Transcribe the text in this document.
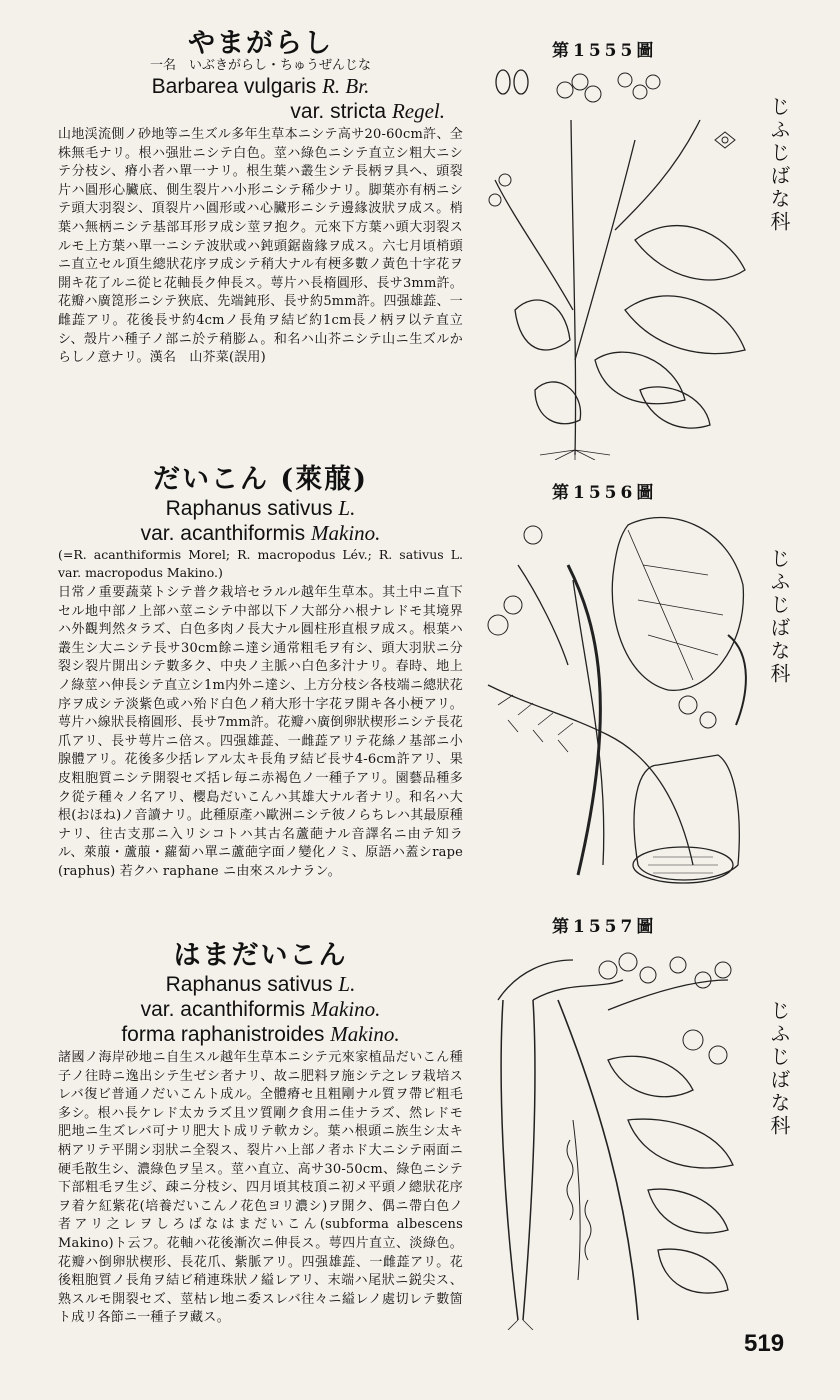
やまがらし
一名　いぶきがらし・ちゅうぜんじな
Barbarea vulgaris R. Br.
var. stricta Regel.
山地渓流側ノ砂地等ニ生ズル多年生草本ニシテ高サ20-60cm許、全株無毛ナリ。根ハ强壯ニシテ白色。莖ハ綠色ニシテ直立シ粗大ニシテ分枝シ、瘠小者ハ單一ナリ。根生葉ハ叢生シテ長柄ヲ具ヘ、頭裂片ハ圓形心臟底、側生裂片ハ小形ニシテ稀少ナリ。脚葉亦有柄ニシテ頭大羽裂シ、頂裂片ハ圓形或ハ心臟形ニシテ邊緣波狀ヲ成ス。梢葉ハ無柄ニシテ基部耳形ヲ成シ莖ヲ抱ク。元來下方葉ハ頭大羽裂スルモ上方葉ハ單一ニシテ波狀或ハ鈍頭鋸齒緣ヲ成ス。六七月頃梢頭ニ直立セル頂生總狀花序ヲ成シテ稍大ナル有梗多數ノ黃色十字花ヲ開キ花了ルニ從ヒ花軸長ク伸長ス。萼片ハ長楕圓形、長サ3mm許。花瓣ハ廣箆形ニシテ狹底、先端鈍形、長サ約5mm許。四强雄蕋、一雌蕋アリ。花後長サ約4cmノ長角ヲ結ビ約1cm長ノ柄ヲ以テ直立シ、殼片ハ種子ノ部ニ於テ稍膨ム。和名ハ山芥ニシテ山ニ生ズルからしノ意ナリ。漢名　山芥菜(誤用)
だいこん (萊菔)
Raphanus sativus L.
var. acanthiformis Makino.
(=R. acanthiformis Morel; R. macropodus Lév.; R. sativus L. var. macropodus Makino.)
日常ノ重要蔬菜トシテ普ク栽培セラルル越年生草本。其土中ニ直下セル地中部ノ上部ハ莖ニシテ中部以下ノ大部分ハ根ナレドモ其境界ハ外觀判然タラズ、白色多肉ノ長大ナル圓柱形直根ヲ成ス。根葉ハ叢生シ大ニシテ長サ30cm餘ニ達シ通常粗毛ヲ有シ、頭大羽狀ニ分裂シ裂片開出シテ數多ク、中央ノ主脈ハ白色多汁ナリ。春時、地上ノ綠莖ハ伸長シテ直立シ1m内外ニ達シ、上方分枝シ各枝端ニ總狀花序ヲ成シテ淡紫色或ハ殆ド白色ノ稍大形十字花ヲ開キ各小梗アリ。萼片ハ線狀長楕圓形、長サ7mm許。花瓣ハ廣倒卵狀楔形ニシテ長花爪アリ、長サ萼片ニ倍ス。四强雄蕋、一雌蕋アリテ花絲ノ基部ニ小腺體アリ。花後多少括レアル太キ長角ヲ結ビ長サ4-6cm許アリ、果皮粗胞質ニシテ開裂セズ括レ毎ニ赤褐色ノ一種子アリ。園藝品種多ク從テ種々ノ名アリ、櫻島だいこんハ其雄大ナル者ナリ。和名ハ大根(おほね)ノ音讀ナリ。此種原產ハ歐洲ニシテ彼ノらちレハ其最原種ナリ、往古支那ニ入リシコトハ其古名蘆葩ナル音譯名ニ由テ知ラル、萊菔・蘆菔・蘿蔔ハ單ニ蘆葩字面ノ變化ノミ、原語ハ蓋シrape (raphus) 若クハ raphane ニ由來スルナラン。
はまだいこん
Raphanus sativus L.
var. acanthiformis Makino.
forma raphanistroides Makino.
諸國ノ海岸砂地ニ自生スル越年生草本ニシテ元來家植品だいこん種子ノ往時ニ逸出シテ生ゼシ者ナリ、故ニ肥料ヲ施シテ之レヲ栽培スレバ復ビ普通ノだいこんト成ル。全體瘠セ且粗剛ナル質ヲ帶ビ粗毛多シ。根ハ長ケレド太カラズ且ツ質剛ク食用ニ佳ナラズ、然レドモ肥地ニ生ズレバ可ナリ肥大ト成リテ軟カシ。葉ハ根頭ニ族生シ太キ柄アリテ平開シ羽狀ニ全裂ス、裂片ハ上部ノ者ホド大ニシテ兩面ニ硬毛散生シ、濃綠色ヲ呈ス。莖ハ直立、高サ30-50cm、綠色ニシテ下部粗毛ヲ生ジ、疎ニ分枝シ、四月頃其枝頂ニ初メ平頭ノ總狀花序ヲ着ケ紅紫花(培養だいこんノ花色ヨリ濃シ)ヲ開ク、偶ニ帶白色ノ者アリ之レヲしろばなはまだいこん(subforma albescens Makino)ト云フ。花軸ハ花後漸次ニ伸長ス。萼四片直立、淡綠色。花瓣ハ倒卵狀楔形、長花爪、紫脈アリ。四强雄蕋、一雌蕋アリ。花後粗胞質ノ長角ヲ結ビ稍連珠狀ノ縊レアリ、末端ハ尾狀ニ鋭尖ス、熟スルモ開裂セズ、莖枯レ地ニ委スレバ往々ニ縊レノ處切レテ數箇ト成リ各節ニ一種子ヲ藏ス。
第1555圖
じふじばな科
第1556圖
じふじばな科
第1557圖
じふじばな科
519
